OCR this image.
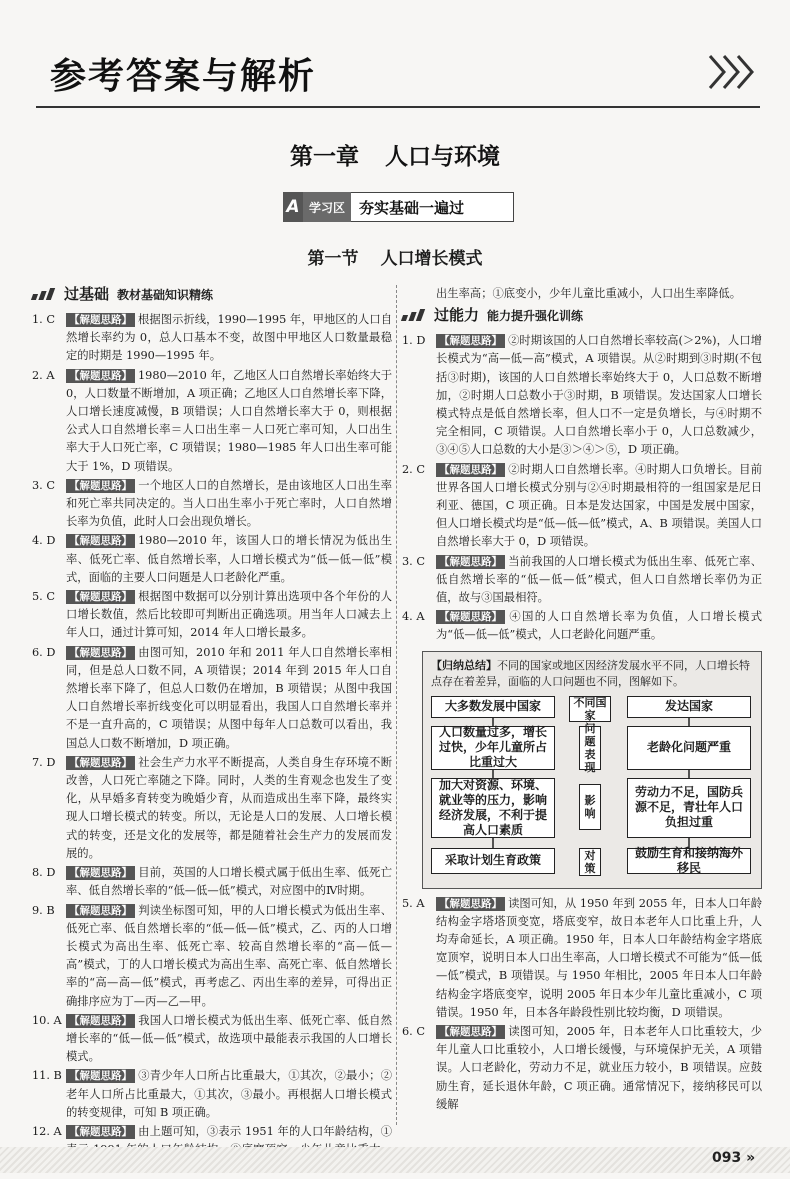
参考答案与解析
第一章 人口与环境
A 学习区 夯实基础一遍过
第一节 人口增长模式
过基础 教材基础知识精练
1. C	【解题思路】 根据图示折线，1990—1995 年，甲地区的人口自然增长率约为 0，总人口基本不变，故图中甲地区人口数量最稳定的时期是 1990—1995 年。
2. A	【解题思路】 1980—2010 年，乙地区人口自然增长率始终大于 0，人口数量不断增加，A 项正确；乙地区人口自然增长率下降，人口增长速度减慢，B 项错误；人口自然增长率大于 0，则根据公式人口自然增长率＝人口出生率－人口死亡率可知，人口出生率大于人口死亡率，C 项错误；1980—1985 年人口出生率可能大于 1%，D 项错误。
3. C	【解题思路】 一个地区人口的自然增长，是由该地区人口出生率和死亡率共同决定的。当人口出生率小于死亡率时，人口自然增长率为负值，此时人口会出现负增长。
4. D	【解题思路】 1980—2010 年，该国人口的增长情况为低出生率、低死亡率、低自然增长率，人口增长模式为“低—低—低”模式，面临的主要人口问题是人口老龄化严重。
5. C	【解题思路】 根据图中数据可以分别计算出选项中各个年份的人口增长数值，然后比较即可判断出正确选项。用当年人口减去上年人口，通过计算可知，2014 年人口增长最多。
6. D	【解题思路】 由图可知，2010 年和 2011 年人口自然增长率相同，但是总人口数不同，A 项错误；2014 年到 2015 年人口自然增长率下降了，但总人口数仍在增加，B 项错误；从图中我国人口自然增长率折线变化可以明显看出，我国人口自然增长率并不是一直升高的，C 项错误；从图中每年人口总数可以看出，我国总人口数不断增加，D 项正确。
7. D	【解题思路】 社会生产力水平不断提高，人类自身生存环境不断改善，人口死亡率随之下降。同时，人类的生育观念也发生了变化，从早婚多育转变为晚婚少育，从而造成出生率下降，最终实现人口增长模式的转变。所以，无论是人口的发展、人口增长模式的转变，还是文化的发展等，都是随着社会生产力的发展而发展的。
8. D	【解题思路】 目前，英国的人口增长模式属于低出生率、低死亡率、低自然增长率的“低—低—低”模式，对应图中的Ⅳ时期。
9. B	【解题思路】 判读坐标图可知，甲的人口增长模式为低出生率、低死亡率、低自然增长率的“低—低—低”模式，乙、丙的人口增长模式为高出生率、低死亡率、较高自然增长率的“高—低—高”模式，丁的人口增长模式为高出生率、高死亡率、低自然增长率的“高—高—低”模式，再考虑乙、丙出生率的差异，可得出正确排序应为丁—丙—乙—甲。
10. A 【解题思路】 我国人口增长模式为低出生率、低死亡率、低自然增长率的“低—低—低”模式，故选项中最能表示我国的人口增长模式。
11. B 【解题思路】 ③青少年人口所占比重最大，①其次，②最小；②老年人口所占比重最大，①其次，③最小。再根据人口增长模式的转变规律，可知 B 项正确。
12. A 【解题思路】 由上题可知，③表示 1951 年的人口年龄结构，①
出生率高；①底变小，少年儿童比重减小，人口出生率降低。
过能力 能力提升强化训练
1. D	【解题思路】 ②时期该国的人口自然增长率较高(＞2%)，人口增长模式为“高—低—高”模式，A 项错误。从②时期到③时期(不包括③时期)，该国的人口自然增长率始终大于 0，人口总数不断增加，②时期人口总数小于③时期，B 项错误。发达国家人口增长模式特点是低自然增长率，但人口不一定是负增长，与④时期不完全相同，C 项错误。人口自然增长率小于 0，人口总数减少，③④⑤人口总数的大小是③＞④＞⑤，D 项正确。
2. C	【解题思路】 ②时期人口自然增长率。④时期人口负增长。目前世界各国人口增长模式分别与②④时期最相符的一组国家是尼日利亚、德国，C 项正确。日本是发达国家，中国是发展中国家，但人口增长模式均是“低—低—低”模式，A、B 项错误。美国人口自然增长率大于 0，D 项错误。
3. C	【解题思路】 当前我国的人口增长模式为低出生率、低死亡率、低自然增长率的“低—低—低”模式，但人口自然增长率仍为正值，故与③国最相符。
4. A	【解题思路】 ④国的人口自然增长率为负值，人口增长模式为“低—低—低”模式，人口老龄化问题严重。
【归纳总结】不同的国家或地区因经济发展水平不同，人口增长特点存在着差异，面临的人口问题也不同，图解如下。
大多数发展中国家
人口数量过多，增长过快，少年儿童所占比重过大
加大对资源、环境、就业等的压力，影响经济发展，不利于提高人口素质
采取计划生育政策
不同国家
问题表现
影响
对策
发达国家
老龄化问题严重
劳动力不足，国防兵源不足，青壮年人口负担过重
鼓励生育和接纳海外移民
5. A	【解题思路】 读图可知，从 1950 年到 2055 年，日本人口年龄结构金字塔塔顶变宽，塔底变窄，故日本老年人口比重上升，人均寿命延长，A 项正确。1950 年，日本人口年龄结构金字塔底宽顶窄，说明日本人口出生率高，人口增长模式不可能为“低—低—低”模式，B 项错误。与 1950 年相比，2005 年日本人口年龄结构金字塔底变窄，说明 2005 年日本少年儿童比重减小，C 项错误。1950 年，日本各年龄段性别比较均衡，D 项错误。
6. C	【解题思路】 读图可知，2005 年，日本老年人口比重较大，少年儿童人口比重较小，人口增长缓慢，与环境保护无关，A 项错误。人口老龄化，劳动力不足，就业压力较小，B 项错误。应鼓励生育，延长退休年龄，C 项正确。通常情况下，接纳移民可以缓解
093 »
